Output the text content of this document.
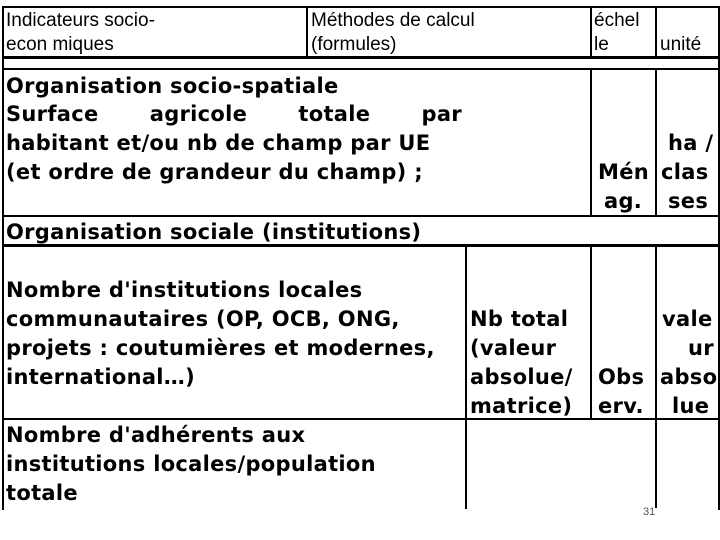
Indicateurs socio-
econ miques
Méthodes de calcul
(formules)
échel
le	unité
Organisation socio-spatiale
Surface agricole totale par
habitant et/ou nb de champ par UE
(et ordre de grandeur du champ) ;	Mén
ag.
ha /
clas
ses
Organisation sociale (institutions)
Nombre d'institutions locales
communautaires (OP, OCB, ONG,
projets : coutumières et modernes,
international…)
Nb total
(valeur
absolue/
matrice)
Obs
erv.
vale
ur
abso
lue
Nombre d'adhérents aux
institutions locales/population
totale
31
